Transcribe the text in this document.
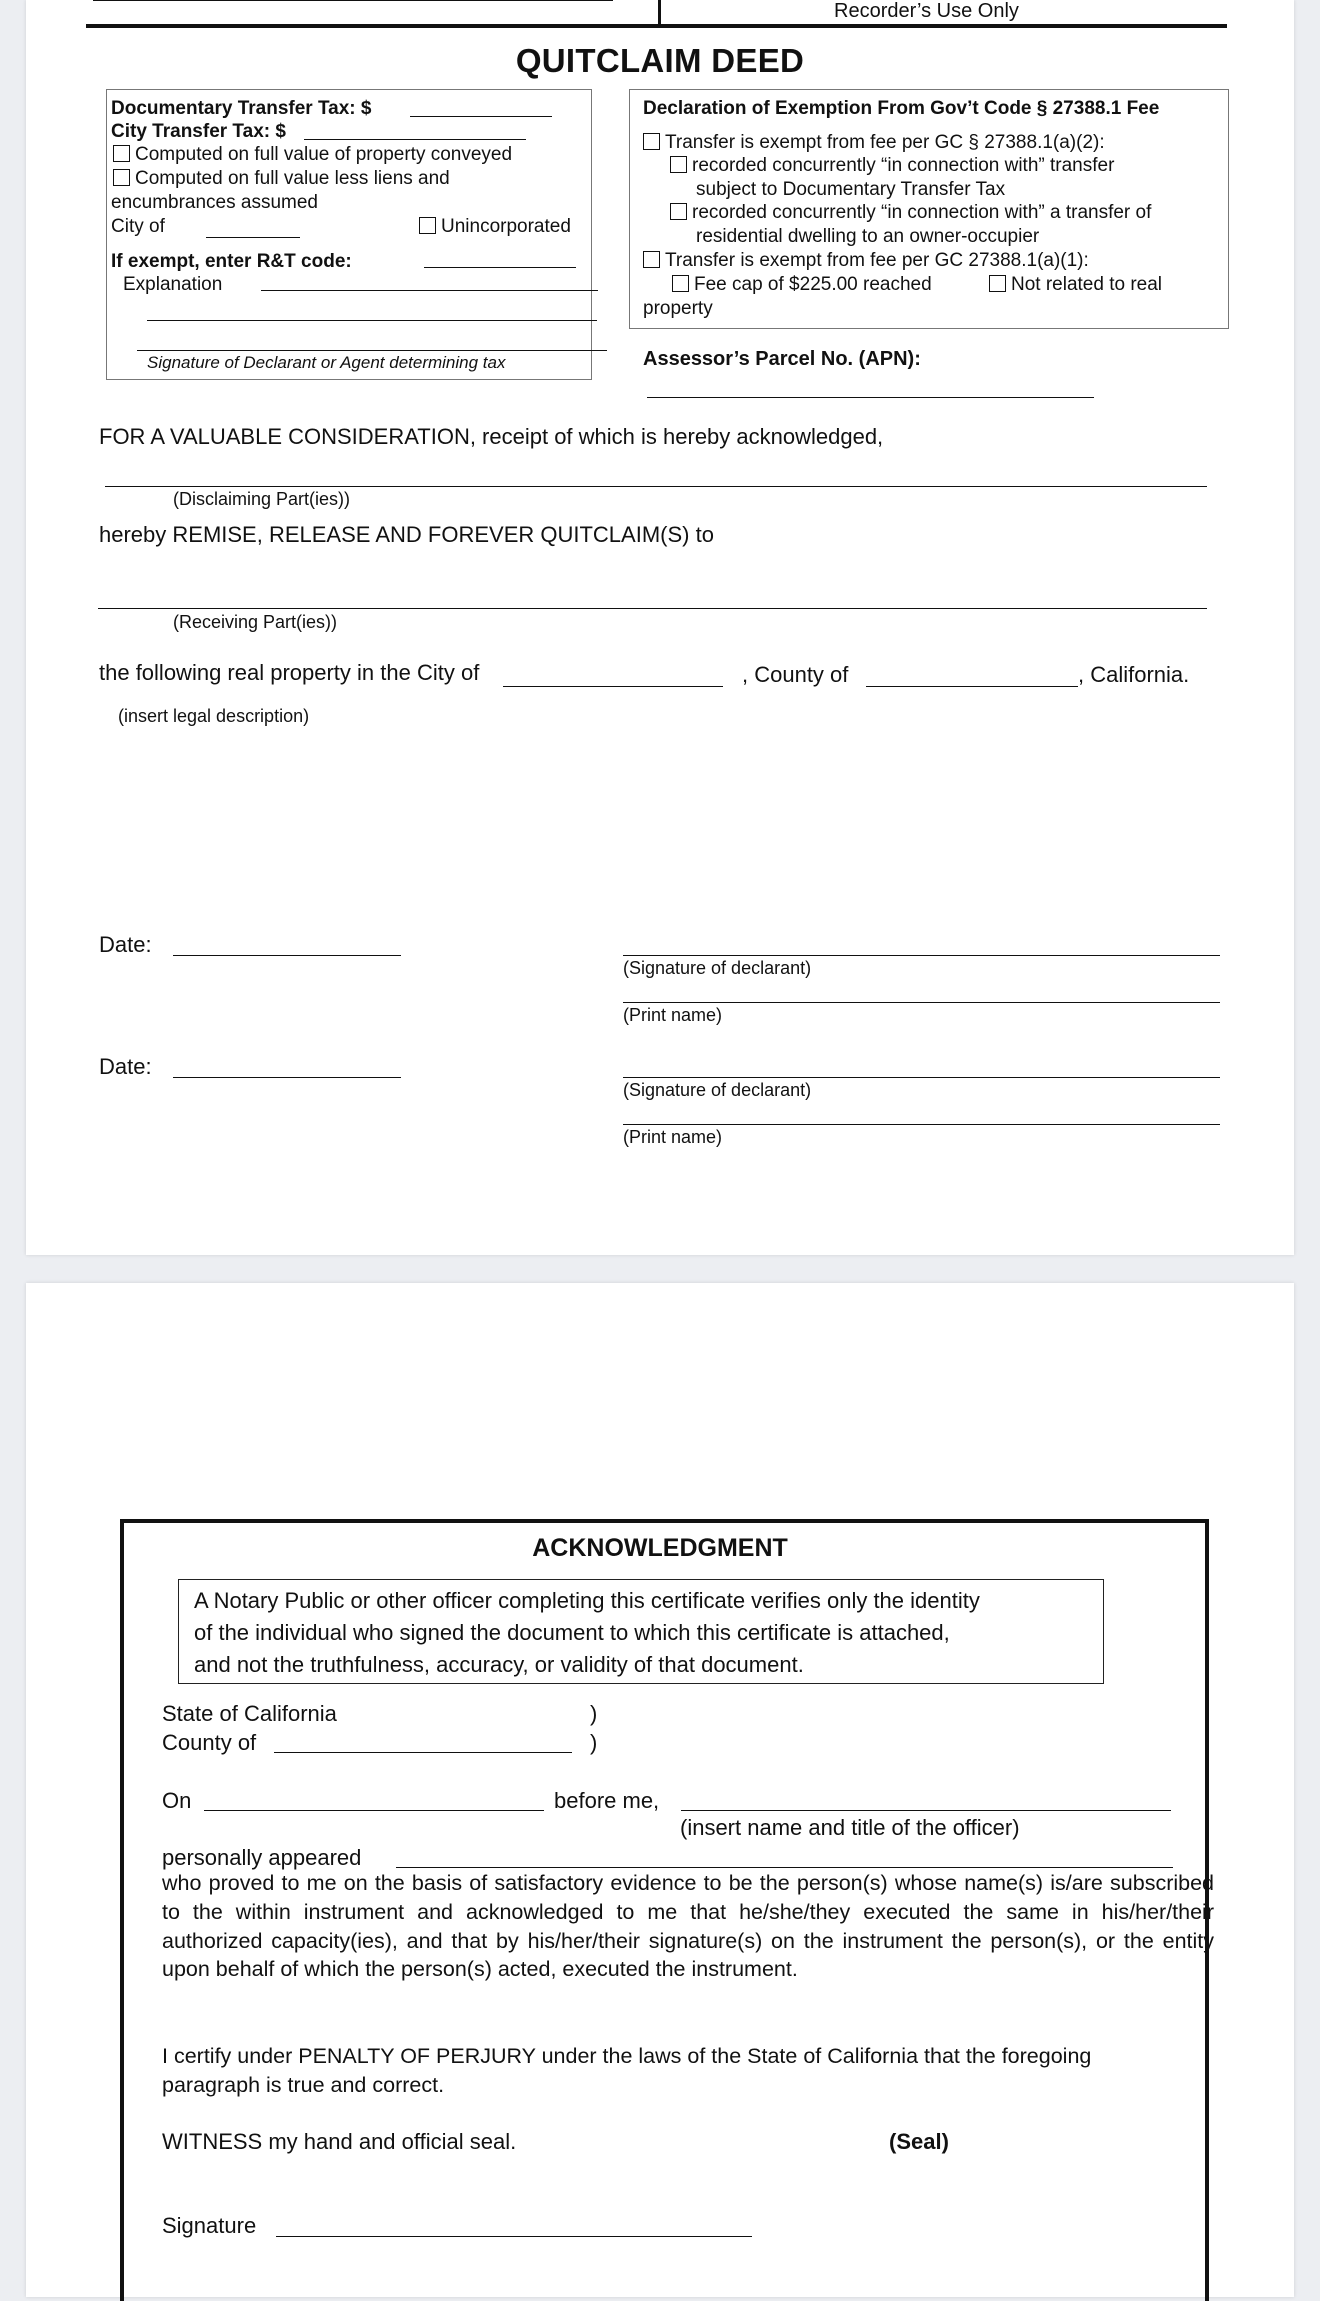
Recorder’s Use Only
QUITCLAIM DEED
Documentary Transfer Tax: $
City Transfer Tax: $
Computed on full value of property conveyed
Computed on full value less liens and
encumbrances assumed
City of	Unincorporated
If exempt, enter R&T code:
Explanation
Signature of Declarant or Agent determining tax
Declaration of Exemption From Gov’t Code § 27388.1 Fee
Transfer is exempt from fee per GC § 27388.1(a)(2):
recorded concurrently “in connection with” transfer
subject to Documentary Transfer Tax
recorded concurrently “in connection with” a transfer of
residential dwelling to an owner-occupier
Transfer is exempt from fee per GC 27388.1(a)(1):
Fee cap of $225.00 reached	Not related to real
property
Assessor’s Parcel No. (APN):
FOR A VALUABLE CONSIDERATION, receipt of which is hereby acknowledged,
(Disclaiming Part(ies))
hereby REMISE, RELEASE AND FOREVER QUITCLAIM(S) to
(Receiving Part(ies))
the following real property in the City of	, County of	, California.
(insert legal description)
Date:
(Signature of declarant)
(Print name)
Date:
(Signature of declarant)
(Print name)
ACKNOWLEDGMENT
A Notary Public or other officer completing this certificate verifies only the identity
of the individual who signed the document to which this certificate is attached,
and not the truthfulness, accuracy, or validity of that document.
State of California	)
County of	)
On	before me,
(insert name and title of the officer)
personally appeared
who proved to me on the basis of satisfactory evidence to be the person(s) whose name(s) is/are subscribed to the within instrument and acknowledged to me that he/she/they executed the same in his/her/their authorized capacity(ies), and that by his/her/their signature(s) on the instrument the person(s), or the entity upon behalf of which the person(s) acted, executed the instrument.
I certify under PENALTY OF PERJURY under the laws of the State of California that the foregoing paragraph is true and correct.
WITNESS my hand and official seal.	(Seal)
Signature
